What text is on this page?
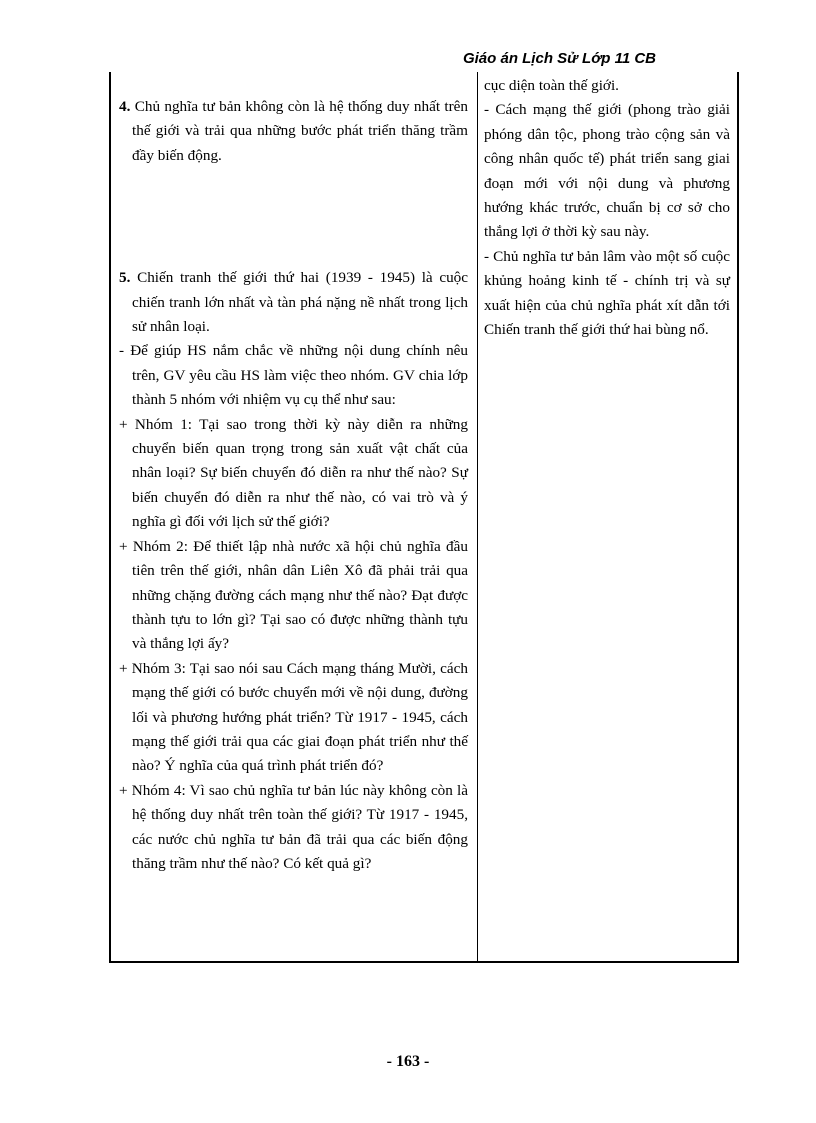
Giáo án Lịch Sử Lớp 11 CB

4. Chủ nghĩa tư bản không còn là hệ thống duy nhất trên thế giới và trải qua những bước phát triển thăng trầm đầy biến động.

5. Chiến tranh thế giới thứ hai (1939 - 1945) là cuộc chiến tranh lớn nhất và tàn phá nặng nề nhất trong lịch sử nhân loại.

- Để giúp HS nắm chắc về những nội dung chính nêu trên, GV yêu cầu HS làm việc theo nhóm. GV chia lớp thành 5 nhóm với nhiệm vụ cụ thể như sau:

+ Nhóm 1: Tại sao trong thời kỳ này diễn ra những chuyển biến quan trọng trong sản xuất vật chất của nhân loại? Sự biến chuyển đó diễn ra như thế nào? Sự biến chuyển đó diễn ra như thế nào, có vai trò và ý nghĩa gì đối với lịch sử thế giới?

+ Nhóm 2: Để thiết lập nhà nước xã hội chủ nghĩa đầu tiên trên thế giới, nhân dân Liên Xô đã phải trải qua những chặng đường cách mạng như thế nào? Đạt được thành tựu to lớn gì? Tại sao có được những thành tựu và thắng lợi ấy?

+ Nhóm 3: Tại sao nói sau Cách mạng tháng Mười, cách mạng thế giới có bước chuyển mới về nội dung, đường lối và phương hướng phát triển? Từ 1917 - 1945, cách mạng thế giới trải qua các giai đoạn phát triển như thế nào? Ý nghĩa của quá trình phát triển đó?

+ Nhóm 4: Vì sao chủ nghĩa tư bản lúc này không còn là hệ thống duy nhất trên toàn thế giới? Từ 1917 - 1945, các nước chủ nghĩa tư bản đã trải qua các biến động thăng trầm như thế nào? Có kết quả gì?

cục diện toàn thế giới.

- Cách mạng thế giới (phong trào giải phóng dân tộc, phong trào cộng sản và công nhân quốc tế) phát triển sang giai đoạn mới với nội dung và phương hướng khác trước, chuẩn bị cơ sở cho thắng lợi ở thời kỳ sau này.

- Chủ nghĩa tư bản lâm vào một số cuộc khủng hoảng kinh tế - chính trị và sự xuất hiện của chủ nghĩa phát xít dẫn tới Chiến tranh thế giới thứ hai bùng nổ.

- 163 -
